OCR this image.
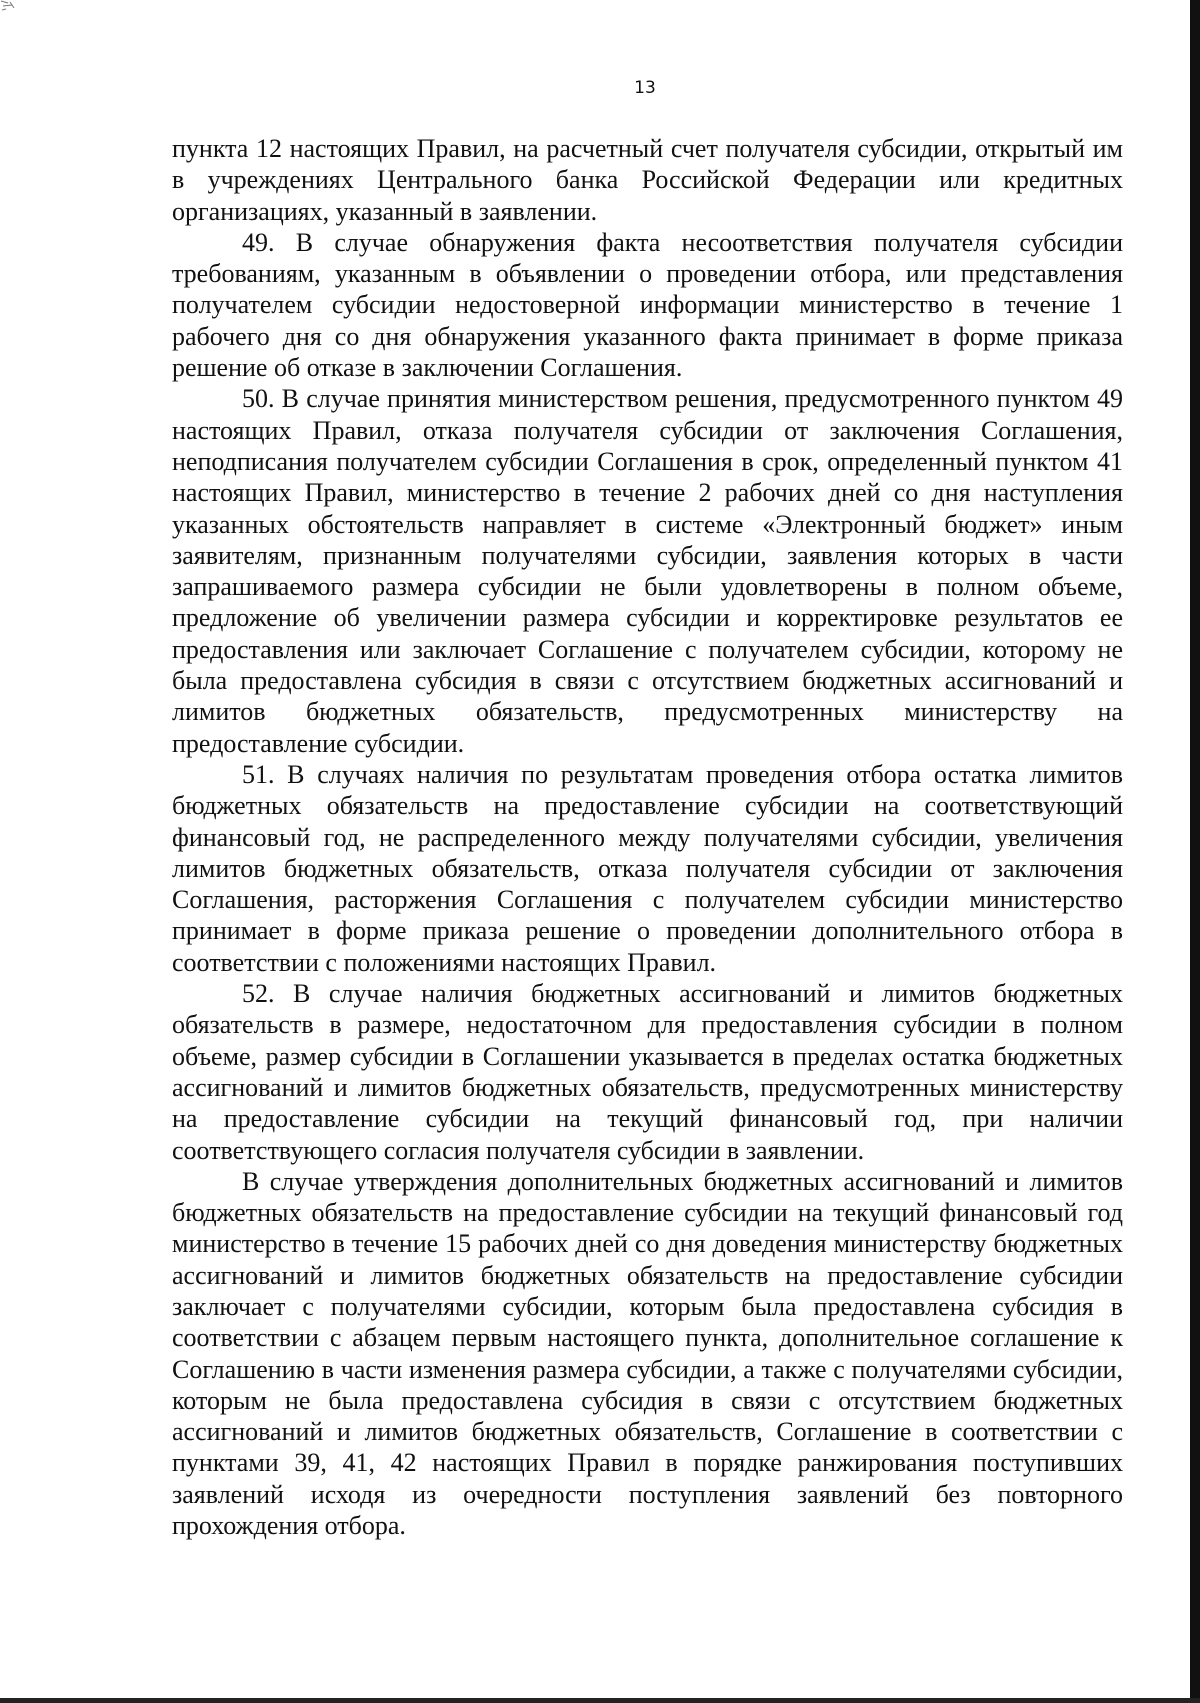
13

пункта 12 настоящих Правил, на расчетный счет получателя субсидии, открытый им в учреждениях Центрального банка Российской Федерации или кредитных организациях, указанный в заявлении.

49. В случае обнаружения факта несоответствия получателя субсидии требованиям, указанным в объявлении о проведении отбора, или представления получателем субсидии недостоверной информации министерство в течение 1 рабочего дня со дня обнаружения указанного факта принимает в форме приказа решение об отказе в заключении Соглашения.

50. В случае принятия министерством решения, предусмотренного пунктом 49 настоящих Правил, отказа получателя субсидии от заключения Соглашения, неподписания получателем субсидии Соглашения в срок, определенный пунктом 41 настоящих Правил, министерство в течение 2 рабочих дней со дня наступления указанных обстоятельств направляет в системе «Электронный бюджет» иным заявителям, признанным получателями субсидии, заявления которых в части запрашиваемого размера субсидии не были удовлетворены в полном объеме, предложение об увеличении размера субсидии и корректировке результатов ее предоставления или заключает Соглашение с получателем субсидии, которому не была предоставлена субсидия в связи с отсутствием бюджетных ассигнований и лимитов бюджетных обязательств, предусмотренных министерству на предоставление субсидии.

51. В случаях наличия по результатам проведения отбора остатка лимитов бюджетных обязательств на предоставление субсидии на соответствующий финансовый год, не распределенного между получателями субсидии, увеличения лимитов бюджетных обязательств, отказа получателя субсидии от заключения Соглашения, расторжения Соглашения с получателем субсидии министерство принимает в форме приказа решение о проведении дополнительного отбора в соответствии с положениями настоящих Правил.

52. В случае наличия бюджетных ассигнований и лимитов бюджетных обязательств в размере, недостаточном для предоставления субсидии в полном объеме, размер субсидии в Соглашении указывается в пределах остатка бюджетных ассигнований и лимитов бюджетных обязательств, предусмотренных министерству на предоставление субсидии на текущий финансовый год, при наличии соответствующего согласия получателя субсидии в заявлении.

В случае утверждения дополнительных бюджетных ассигнований и лимитов бюджетных обязательств на предоставление субсидии на текущий финансовый год министерство в течение 15 рабочих дней со дня доведения министерству бюджетных ассигнований и лимитов бюджетных обязательств на предоставление субсидии заключает с получателями субсидии, которым была предоставлена субсидия в соответствии с абзацем первым настоящего пункта, дополнительное соглашение к Соглашению в части изменения размера субсидии, а также с получателями субсидии, которым не была предоставлена субсидия в связи с отсутствием бюджетных ассигнований и лимитов бюджетных обязательств, Соглашение в соответствии с пунктами 39, 41, 42 настоящих Правил в порядке ранжирования поступивших заявлений исходя из очередности поступления заявлений без повторного прохождения отбора.
